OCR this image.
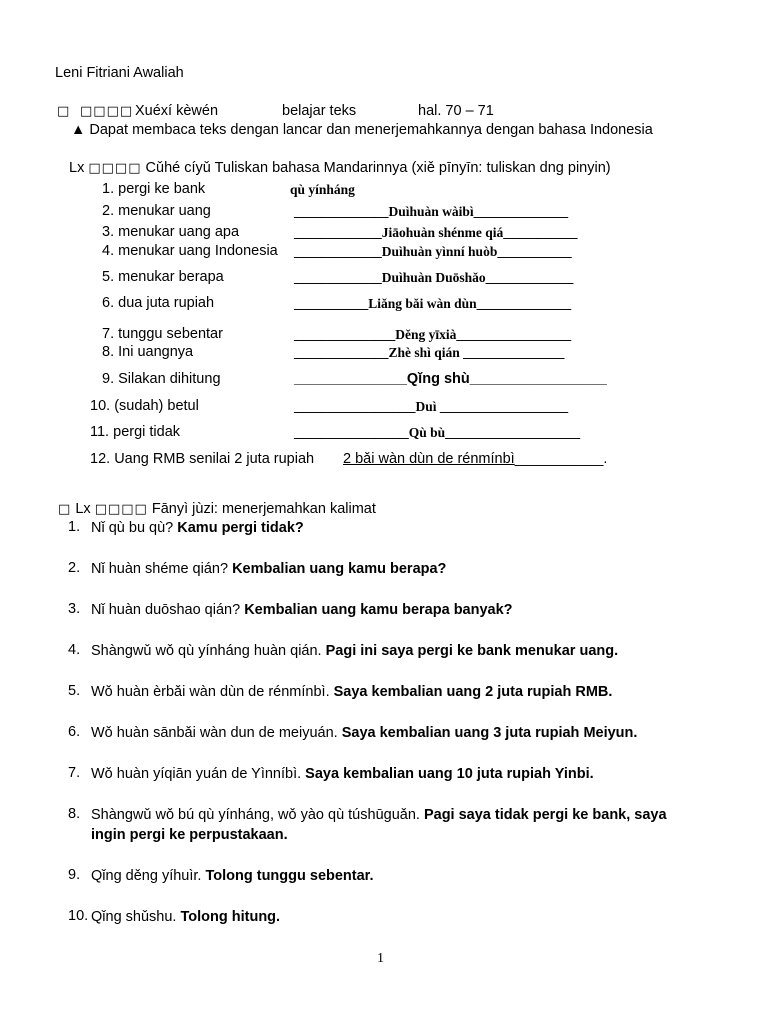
Leni Fitriani Awaliah
□ □□□□ Xuéxí kèwén	belajar teks	hal. 70 – 71
▲ Dapat membaca teks dengan lancar dan menerjemahkannya dengan bahasa Indonesia
Lx □□□□ Cǔhé cíyǔ Tuliskan bahasa Mandarinnya (xiě pīnyīn: tuliskan dng pinyin)
1. pergi ke bank	qù yínháng
2. menukar uang	______________Duìhuàn wàibì______________
3. menukar uang apa	_____________Jiāohuàn shénme qiá___________
4. menukar uang Indonesia _____________Duìhuàn yìnní huòb___________
5. menukar berapa	_____________Duìhuàn Duōshǎo_____________
6. dua juta rupiah	___________Liǎng bǎi wàn dùn______________
7. tunggu sebentar	_______________Děng yīxià_________________
8. Ini uangnya	______________Zhè shì qián _______________
9. Silakan dihitung	______________Qǐng shù_________________
10. (sudah) betul	__________________Duì ___________________
11. pergi tidak	_________________Qù bù____________________
12. Uang RMB senilai 2 juta rupiah 2 bǎi wàn dùn de rénmínbì___________.
□ Lx □□□□ Fānyì jùzi: menerjemahkan kalimat
1. Nǐ qù bu qù? Kamu pergi tidak?
2. Nǐ huàn shéme qián? Kembalian uang kamu berapa?
3. Nǐ huàn duōshao qián? Kembalian uang kamu berapa banyak?
4. Shàngwǔ wǒ qù yínháng huàn qián. Pagi ini saya pergi ke bank menukar uang.
5. Wǒ huàn èrbǎi wàn dùn de rénmínbì. Saya kembalian uang 2 juta rupiah RMB.
6. Wǒ huàn sānbǎi wàn dun de meiyuán. Saya kembalian uang 3 juta rupiah Meiyun.
7. Wǒ huàn yíqiān yuán de Yìnníbì. Saya kembalian uang 10 juta rupiah Yinbi.
8. Shàngwǔ wǒ bú qù yínháng, wǒ yào qù túshūguǎn. Pagi saya tidak pergi ke bank, saya
ingin pergi ke perpustakaan.
9. Qǐng děng yíhuìr. Tolong tunggu sebentar.
10. Qǐng shǔshu. Tolong hitung.
1
